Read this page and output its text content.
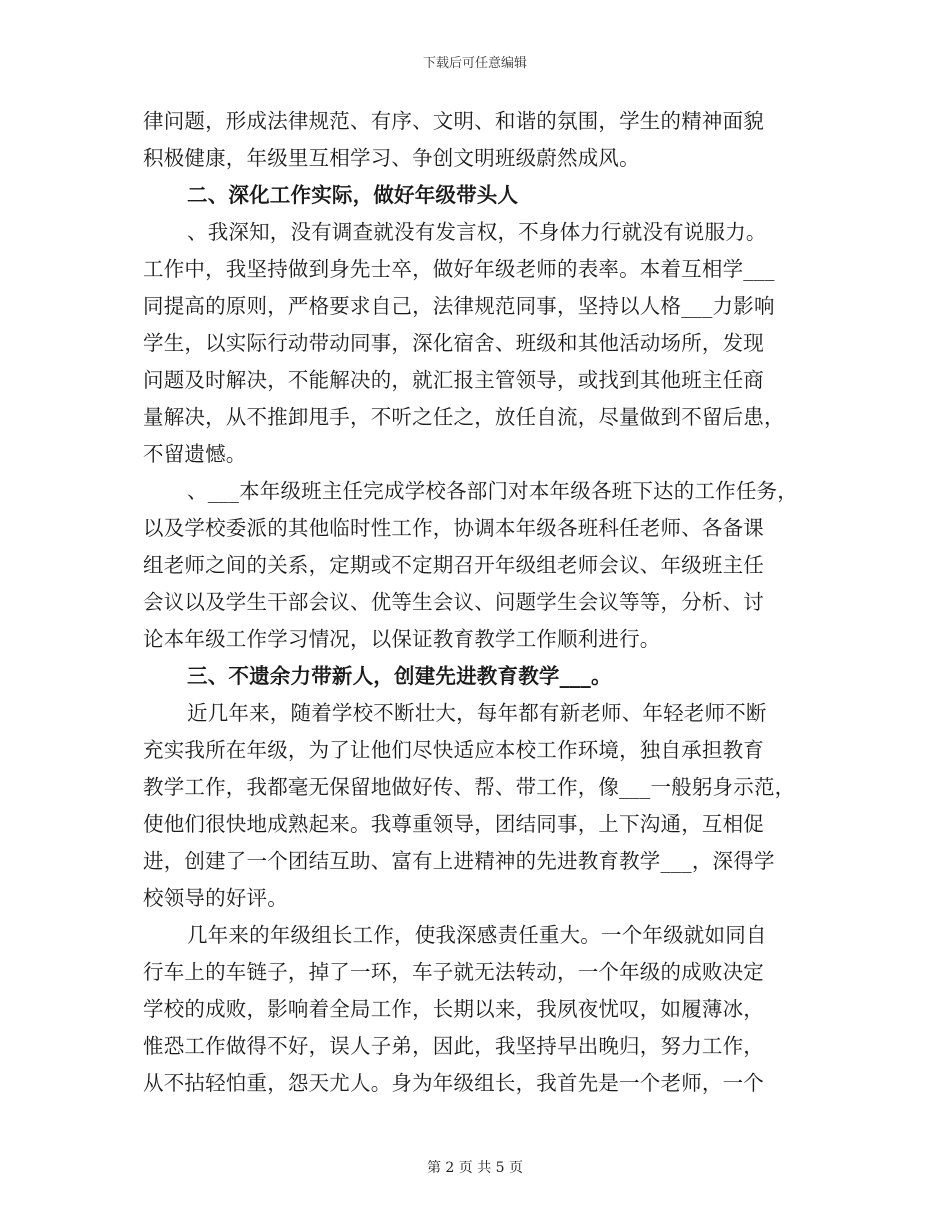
下载后可任意编辑
律问题，形成法律规范、有序、文明、和谐的氛围，学生的精神面貌
积极健康，年级里互相学习、争创文明班级蔚然成风。
二、深化工作实际，做好年级带头人
、我深知，没有调查就没有发言权，不身体力行就没有说服力。
工作中，我坚持做到身先士卒，做好年级老师的表率。本着互相学___
同提高的原则，严格要求自己，法律规范同事，坚持以人格___力影响
学生，以实际行动带动同事，深化宿舍、班级和其他活动场所，发现
问题及时解决，不能解决的，就汇报主管领导，或找到其他班主任商
量解决，从不推卸甩手，不听之任之，放任自流，尽量做到不留后患，
不留遗憾。
、___本年级班主任完成学校各部门对本年级各班下达的工作任务，
以及学校委派的其他临时性工作，协调本年级各班科任老师、各备课
组老师之间的关系，定期或不定期召开年级组老师会议、年级班主任
会议以及学生干部会议、优等生会议、问题学生会议等等，分析、讨
论本年级工作学习情况，以保证教育教学工作顺利进行。
三、不遗余力带新人，创建先进教育教学___。
近几年来，随着学校不断壮大，每年都有新老师、年轻老师不断
充实我所在年级，为了让他们尽快适应本校工作环境，独自承担教育
教学工作，我都毫无保留地做好传、帮、带工作，像___一般躬身示范，
使他们很快地成熟起来。我尊重领导，团结同事，上下沟通，互相促
进，创建了一个团结互助、富有上进精神的先进教育教学___，深得学
校领导的好评。
几年来的年级组长工作，使我深感责任重大。一个年级就如同自
行车上的车链子，掉了一环，车子就无法转动，一个年级的成败决定
学校的成败，影响着全局工作，长期以来，我夙夜忧叹，如履薄冰，
惟恐工作做得不好，误人子弟，因此，我坚持早出晚归，努力工作，
从不拈轻怕重，怨天尤人。身为年级组长，我首先是一个老师，一个
第 2 页 共 5 页
